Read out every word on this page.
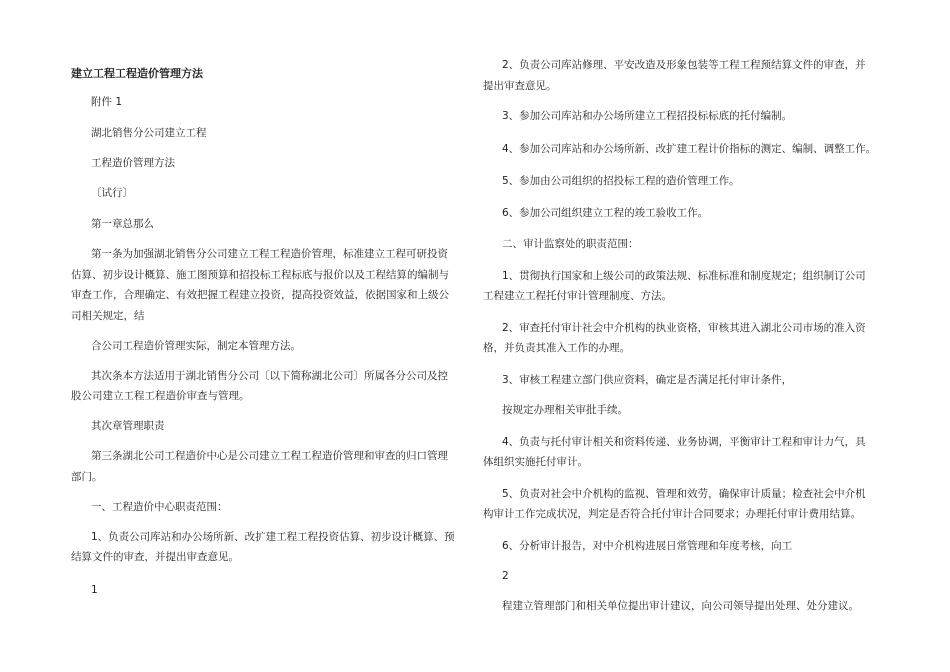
建立工程工程造价管理方法

附件 1

湖北销售分公司建立工程

工程造价管理方法

〔试行〕

第一章总那么

第一条为加强湖北销售分公司建立工程工程造价管理，标准建立工程可研投资

估算、初步设计概算、施工图预算和招投标工程标底与报价以及工程结算的编制与

审查工作，合理确定、有效把握工程建立投资，提高投资效益，依据国家和上级公

司相关规定，结

合公司工程造价管理实际，制定本管理方法。

其次条本方法适用于湖北销售分公司〔以下简称湖北公司〕所属各分公司及控

股公司建立工程工程造价审查与管理。

其次章管理职责

第三条湖北公司工程造价中心是公司建立工程工程造价管理和审查的归口管理

部门。

一、工程造价中心职责范围：

1、负责公司库站和办公场所新、改扩建工程工程投资估算、初步设计概算、预

结算文件的审查，并提出审查意见。

1

2、负责公司库站修理、平安改造及形象包装等工程工程预结算文件的审查，并

提出审查意见。

3、参加公司库站和办公场所建立工程招投标标底的托付编制。

4、参加公司库站和办公场所新、改扩建工程计价指标的测定、编制、调整工作。

5、参加由公司组织的招投标工程的造价管理工作。

6、参加公司组织建立工程的竣工验收工作。

二、审计监察处的职责范围：

1、贯彻执行国家和上级公司的政策法规、标准标准和制度规定；组织制订公司

工程建立工程托付审计管理制度、方法。

2、审查托付审计社会中介机构的执业资格，审核其进入湖北公司市场的准入资

格，并负责其准入工作的办理。

3、审核工程建立部门供应资料，确定是否满足托付审计条件，

按规定办理相关审批手续。

4、负责与托付审计相关和资料传递、业务协调，平衡审计工程和审计力气，具

体组织实施托付审计。

5、负责对社会中介机构的监视、管理和效劳，确保审计质量；检查社会中介机

构审计工作完成状况，判定是否符合托付审计合同要求；办理托付审计费用结算。

6、分析审计报告，对中介机构进展日常管理和年度考核，向工

2

程建立管理部门和相关单位提出审计建议，向公司领导提出处理、处分建议。
